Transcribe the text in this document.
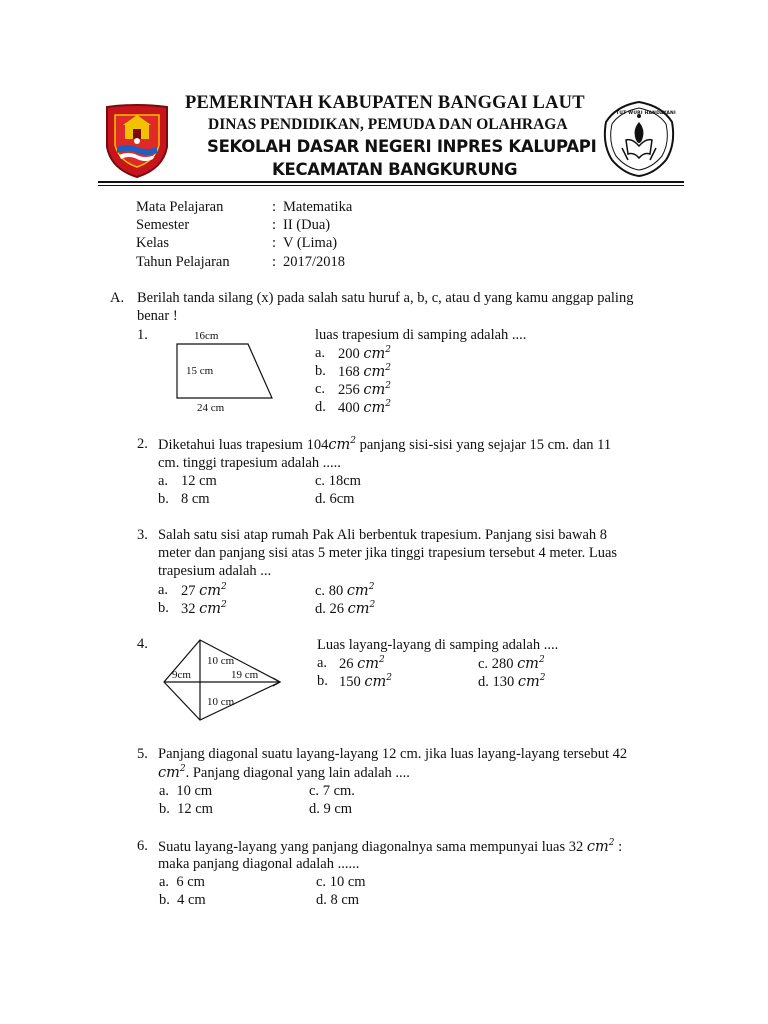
PEMERINTAH KABUPATEN BANGGAI LAUT
DINAS PENDIDIKAN, PEMUDA DAN OLAHRAGA
SEKOLAH DASAR NEGERI INPRES KALUPAPI
KECAMATAN BANGKURUNG
TUT WURI HANDAYANI
Mata Pelajaran	: Matematika
Semester	: II (Dua)
Kelas	: V (Lima)
Tahun Pelajaran	: 2017/2018
A. Berilah tanda silang (x) pada salah satu huruf a, b, c, atau d yang kamu anggap paling
benar !
1.	16cm
15 cm
24 cm
luas trapesium di samping adalah ....
a. 200 $cm^2$
b. 168 $cm^2$
c. 256 $cm^2$
d. 400 $cm^2$
2. Diketahui luas trapesium $104cm^2$ panjang sisi-sisi yang sejajar 15 cm. dan 11
cm. tinggi trapesium adalah .....
a. 12 cm
b. 8 cm
c. 18cm
d. 6cm
3. Salah satu sisi atap rumah Pak Ali berbentuk trapesium. Panjang sisi bawah 8
meter dan panjang sisi atas 5 meter jika tinggi trapesium tersebut 4 meter. Luas
trapesium adalah ...
a. 27 $cm^2$
b. 32 $cm^2$
c. 80 $cm^2$
d. 26 $cm^2$
4.
10 cm
9cm	19 cm
10 cm
Luas layang-layang di samping adalah ....
a. 26 $cm^2$
b. 150 $cm^2$
c. 280 $cm^2$
d. 130 $cm^2$
5. Panjang diagonal suatu layang-layang 12 cm. jika luas layang-layang tersebut 42
$cm^2$. Panjang diagonal yang lain adalah ....
a. 10 cm
b. 12 cm
c. 7 cm.
d. 9 cm
6. Suatu layang-layang yang panjang diagonalnya sama mempunyai luas 32 $cm^2$ :
maka panjang diagonal adalah ......
a. 6 cm
b. 4 cm
c. 10 cm
d. 8 cm
